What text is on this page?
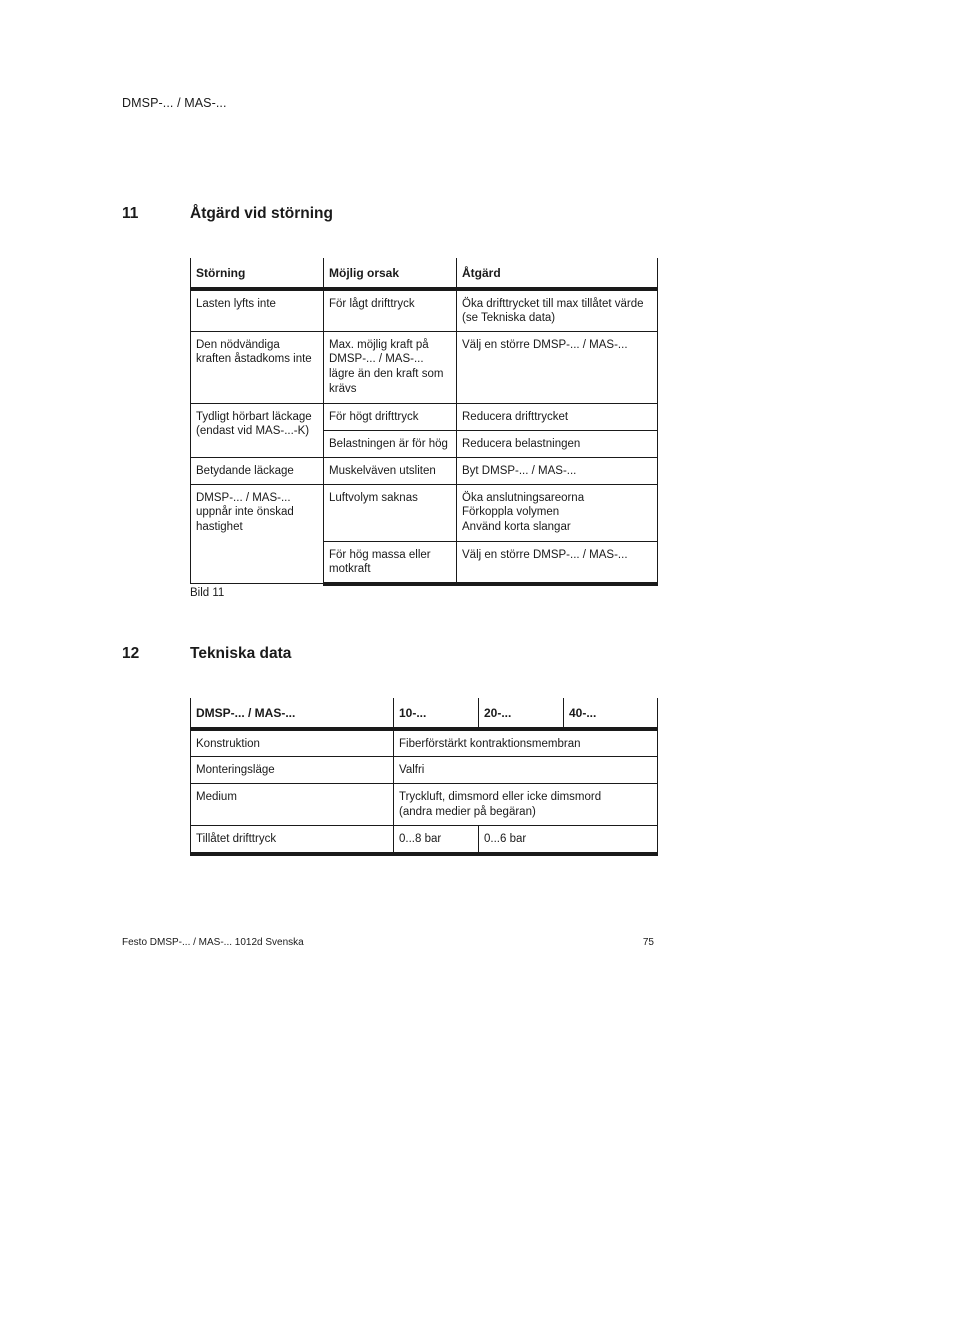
DMSP-... / MAS-...
11	Åtgärd vid störning
Störning	Möjlig orsak	Åtgärd
Lasten lyfts inte	För lågt drifttryck	Öka drifttrycket till max tillåtet värde (se Tekniska data)
Den nödvändiga kraften åstadkoms inte	Max. möjlig kraft på DMSP-... / MAS-... lägre än den kraft som krävs	Välj en större DMSP-... / MAS-...
Tydligt hörbart läckage (endast vid MAS-...-K)	För högt drifttryck	Reducera drifttrycket
	Belastningen är för hög	Reducera belastningen
Betydande läckage	Muskelväven utsliten	Byt DMSP-... / MAS-...
DMSP-... / MAS-... uppnår inte önskad hastighet	Luftvolym saknas	Öka anslutningsareorna
Förkoppla volymen
Använd korta slangar

	För hög massa eller motkraft	Välj en större DMSP-... / MAS-...
Bild 11
12	Tekniska data
DMSP-... / MAS-...	10-...	20-...	40-...
Konstruktion	Fiberförstärkt kontraktionsmembran		
Monteringsläge	Valfri		
Medium	Tryckluft, dimsmord eller icke dimsmord
(andra medier på begäran)		

Tillåtet drifttryck	0...8 bar	0...6 bar	
Festo DMSP-... / MAS-... 1012d Svenska	75
